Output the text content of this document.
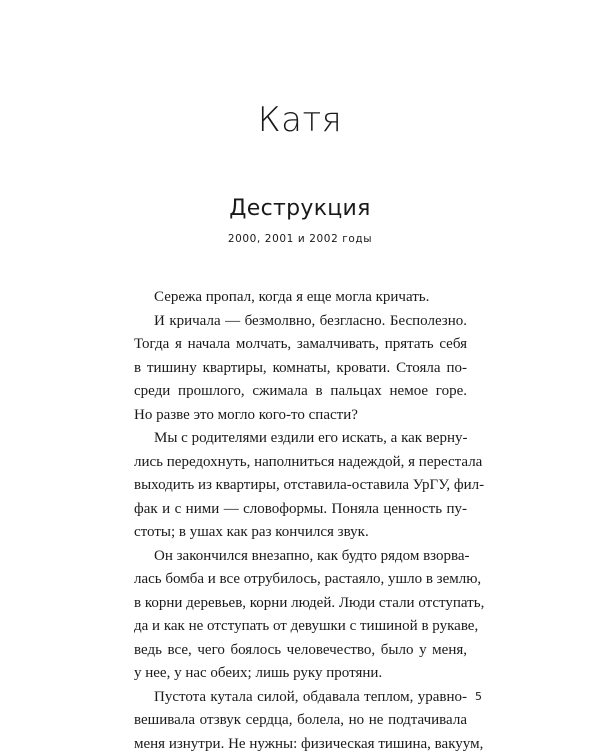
Катя
Деструкция
2000, 2001 и 2002 годы
Сережа пропал, когда я еще могла кричать.
И кричала — безмолвно, безгласно. Бесполезно.
Тогда я начала молчать, замалчивать, прятать себя
в тишину квартиры, комнаты, кровати. Стояла по-
среди прошлого, сжимала в пальцах немое горе.
Но разве это могло кого-то спасти?
Мы с родителями ездили его искать, а как верну-
лись передохнуть, наполниться надеждой, я перестала
выходить из квартиры, отставила-оставила УрГУ, фил-
фак и с ними — словоформы. Поняла ценность пу-
стоты; в ушах как раз кончился звук.
Он закончился внезапно, как будто рядом взорва-
лась бомба и все отрубилось, растаяло, ушло в землю,
в корни деревьев, корни людей. Люди стали отступать,
да и как не отступать от девушки с тишиной в рукаве,
ведь все, чего боялось человечество, было у меня,
у нее, у нас обеих; лишь руку протяни.
Пустота кутала силой, обдавала теплом, уравно-
вешивала отзвук сердца, болела, но не подтачивала
меня изнутри. Не нужны: физическая тишина, вакуум,
5
